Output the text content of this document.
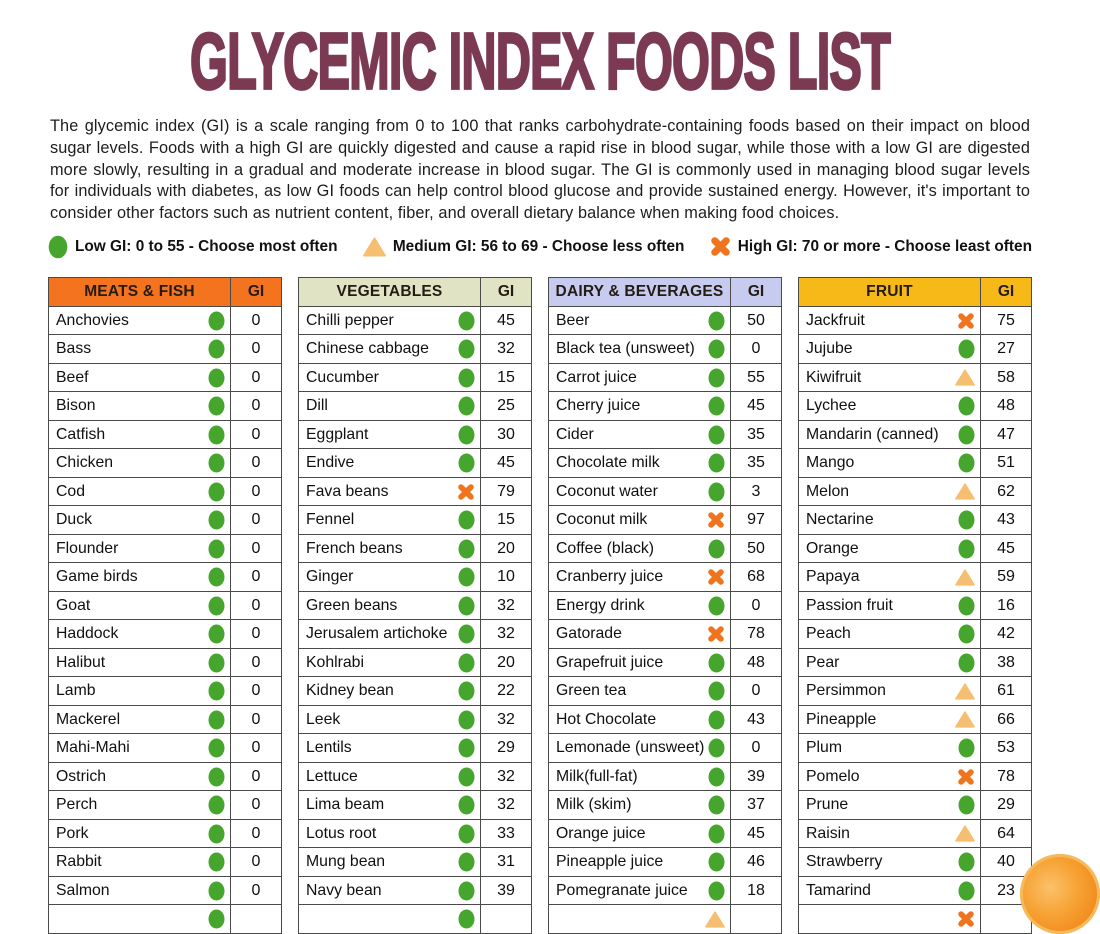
GLYCEMIC INDEX FOODS LIST

The glycemic index (GI) is a scale ranging from 0 to 100 that ranks carbohydrate-containing foods based on their impact on blood sugar levels. Foods with a high GI are quickly digested and cause a rapid rise in blood sugar, while those with a low GI are digested more slowly, resulting in a gradual and moderate increase in blood sugar. The GI is commonly used in managing blood sugar levels for individuals with diabetes, as low GI foods can help control blood glucose and provide sustained energy. However, it's important to consider other factors such as nutrient content, fiber, and overall dietary balance when making food choices.

Low GI: 0 to 55 - Choose most often	Medium GI: 56 to 69 - Choose less often	High GI: 70 or more - Choose least often
MEATS & FISH	GI

Anchovies	0

Bass	0

Beef	0

Bison	0

Catfish	0

Chicken	0

Cod	0

Duck	0

Flounder	0

Game birds	0

Goat	0

Haddock	0

Halibut	0

Lamb	0

Mackerel	0

Mahi-Mahi	0

Ostrich	0

Perch	0

Pork	0

Rabbit	0

Salmon	0

VEGETABLES	GI

Chilli pepper	45

Chinese cabbage	32

Cucumber	15

Dill	25

Eggplant	30

Endive	45

Fava beans	79

Fennel	15

French beans	20

Ginger	10

Green beans	32

Jerusalem artichoke	32

Kohlrabi	20

Kidney bean	22

Leek	32

Lentils	29

Lettuce	32

Lima beam	32

Lotus root	33

Mung bean	31

Navy bean	39

DAIRY & BEVERAGES	GI

Beer	50

Black tea (unsweet)	0

Carrot juice	55

Cherry juice	45

Cider	35

Chocolate milk	35

Coconut water	3

Coconut milk	97

Coffee (black)	50

Cranberry juice	68

Energy drink	0

Gatorade	78

Grapefruit juice	48

Green tea	0

Hot Chocolate	43

Lemonade (unsweet)	0

Milk(full-fat)	39

Milk (skim)	37

Orange juice	45

Pineapple juice	46

Pomegranate juice	18

FRUIT	GI

Jackfruit	75

Jujube	27

Kiwifruit	58

Lychee	48

Mandarin (canned)	47

Mango	51

Melon	62

Nectarine	43

Orange	45

Papaya	59

Passion fruit	16

Peach	42

Pear	38

Persimmon	61

Pineapple	66

Plum	53

Pomelo	78

Prune	29

Raisin	64

Strawberry	40

Tamarind	23
